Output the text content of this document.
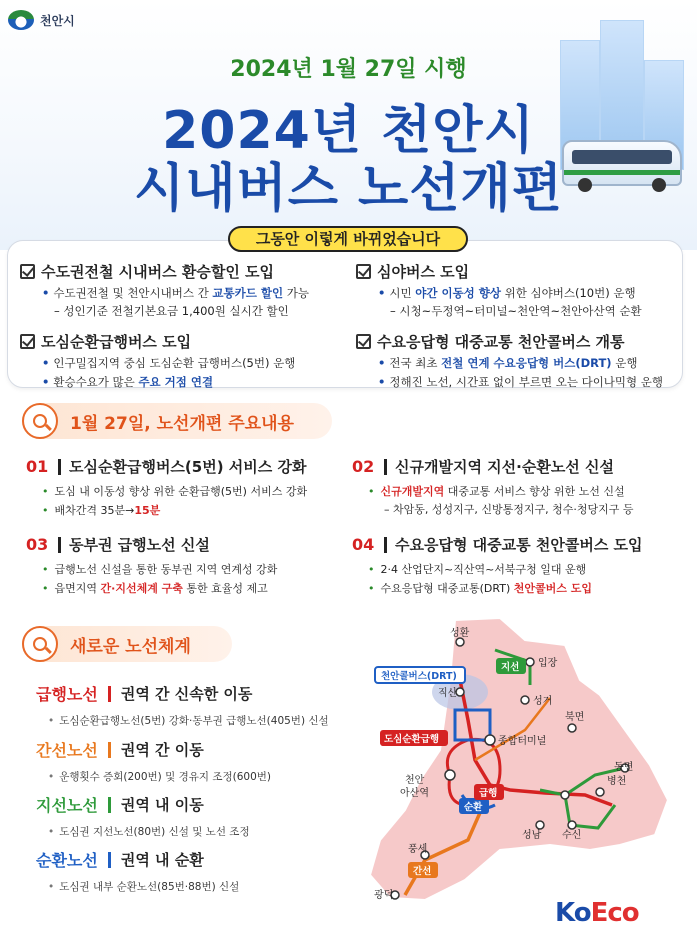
천안시
2024년 1월 27일 시행
2024년 천안시
시내버스 노선개편
그동안 이렇게 바뀌었습니다
수도권전철 시내버스 환승할인 도입
• 수도권전철 및 천안시내버스 간 교통카드 할인 가능
– 성인기준 전철기본요금 1,400원 실시간 할인
도심순환급행버스 도입
• 인구밀집지역 중심 도심순환 급행버스(5번) 운행
• 환승수요가 많은 주요 거점 연결
심야버스 도입
• 시민 야간 이동성 향상 위한 심야버스(10번) 운행
– 시청~두정역~터미널~천안역~천안아산역 순환
수요응답형 대중교통 천안콜버스 개통
• 전국 최초 전철 연계 수요응답형 버스(DRT) 운행
• 정해진 노선, 시간표 없이 부르면 오는 다이나믹형 운행
1월 27일, 노선개편 주요내용
01	도심순환급행버스(5번) 서비스 강화
• 도심 내 이동성 향상 위한 순환급행(5번) 서비스 강화
• 배차간격 35분→15분
02	신규개발지역 지선·순환노선 신설
• 신규개발지역 대중교통 서비스 향상 위한 노선 신설
– 차암동, 성성지구, 신방통정지구, 청수·청당지구 등
03	동부권 급행노선 신설
• 급행노선 신설을 통한 동부권 지역 연계성 강화
• 읍면지역 간·지선체계 구축 통한 효율성 제고
04	수요응답형 대중교통 천안콜버스 도입
• 2·4 산업단지~직산역~서북구청 일대 운행
• 수요응답형 대중교통(DRT) 천안콜버스 도입
새로운 노선체계
급행노선 권역 간 신속한 이동
• 도심순환급행노선(5번) 강화·동부권 급행노선(405번) 신설
간선노선 권역 간 이동
• 운행횟수 증회(200번) 및 경유지 조정(600번)
지선노선 권역 내 이동
• 도심권 지선노선(80번) 신설 및 노선 조정
순환노선 권역 내 순환
• 도심권 내부 순환노선(85번·88번) 신설
성환
입장
직산
성거
북면
종합터미널
천안
아산역
병천
동면
성남 수신
풍세
광덕
천안콜버스(DRT)
지선
도심순환급행
순환
급행
간선
KoEco
